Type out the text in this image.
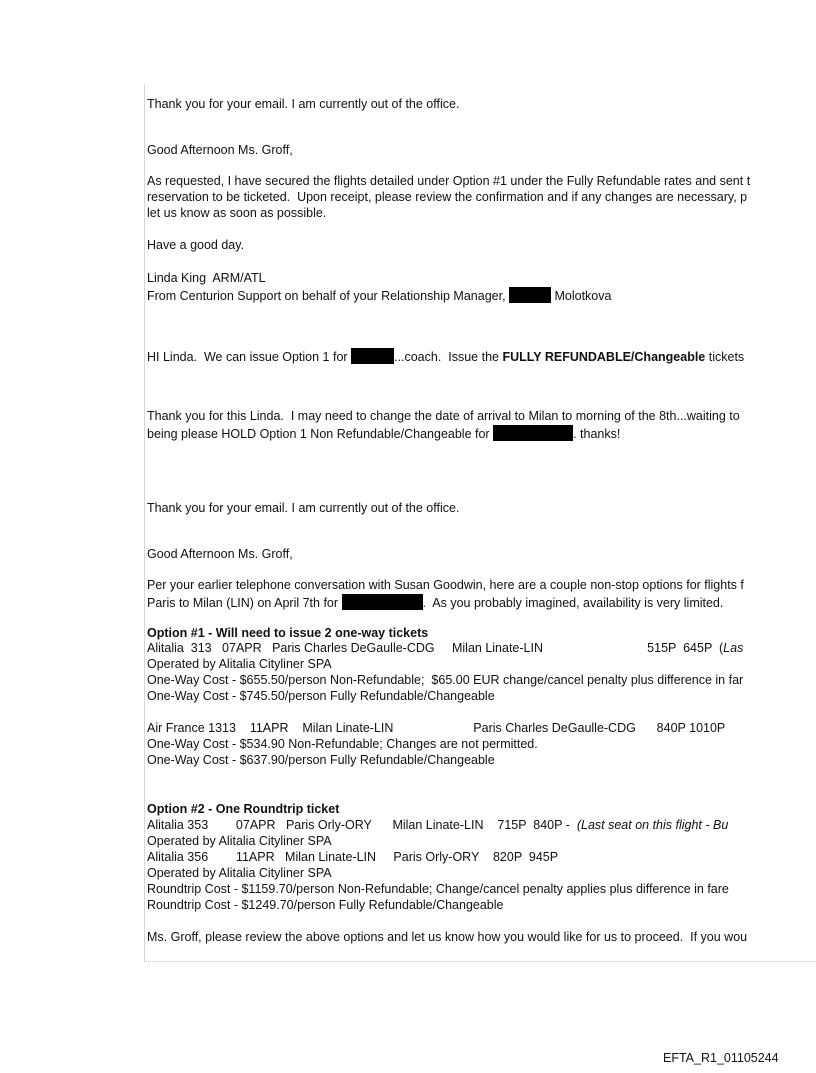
Thank you for your email. I am currently out of the office.
Good Afternoon Ms. Groff,
As requested, I have secured the flights detailed under Option #1 under the Fully Refundable rates and sent t
reservation to be ticketed.  Upon receipt, please review the confirmation and if any changes are necessary, p
let us know as soon as possible.
Have a good day.
Linda King  ARM/ATL
From Centurion Support on behalf of your Relationship Manager,	Molotkova
HI Linda.  We can issue Option 1 for	...coach.  Issue the FULLY REFUNDABLE/Changeable tickets
Thank you for this Linda.  I may need to change the date of arrival to Milan to morning of the 8th...waiting to
being please HOLD Option 1 Non Refundable/Changeable for	. thanks!
Thank you for your email. I am currently out of the office.
Good Afternoon Ms. Groff,
Per your earlier telephone conversation with Susan Goodwin, here are a couple non-stop options for flights f
Paris to Milan (LIN) on April 7th for	.  As you probably imagined, availability is very limited.
Option #1 - Will need to issue 2 one-way tickets
Alitalia  313   07APR   Paris Charles DeGaulle-CDG     Milan Linate-LIN                              515P  645P  (Las
Operated by Alitalia Cityliner SPA
One-Way Cost - $655.50/person Non-Refundable;  $65.00 EUR change/cancel penalty plus difference in far
One-Way Cost - $745.50/person Fully Refundable/Changeable
Air France 1313    11APR    Milan Linate-LIN                       Paris Charles DeGaulle-CDG      840P 1010P
One-Way Cost - $534.90 Non-Refundable; Changes are not permitted.
One-Way Cost - $637.90/person Fully Refundable/Changeable
Option #2 - One Roundtrip ticket
Alitalia 353        07APR   Paris Orly-ORY      Milan Linate-LIN    715P  840P -  (Last seat on this flight - Bu
Operated by Alitalia Cityliner SPA
Alitalia 356        11APR   Milan Linate-LIN     Paris Orly-ORY    820P  945P
Operated by Alitalia Cityliner SPA
Roundtrip Cost - $1159.70/person Non-Refundable; Change/cancel penalty applies plus difference in fare
Roundtrip Cost - $1249.70/person Fully Refundable/Changeable
Ms. Groff, please review the above options and let us know how you would like for us to proceed.  If you wou
EFTA_R1_01105244
